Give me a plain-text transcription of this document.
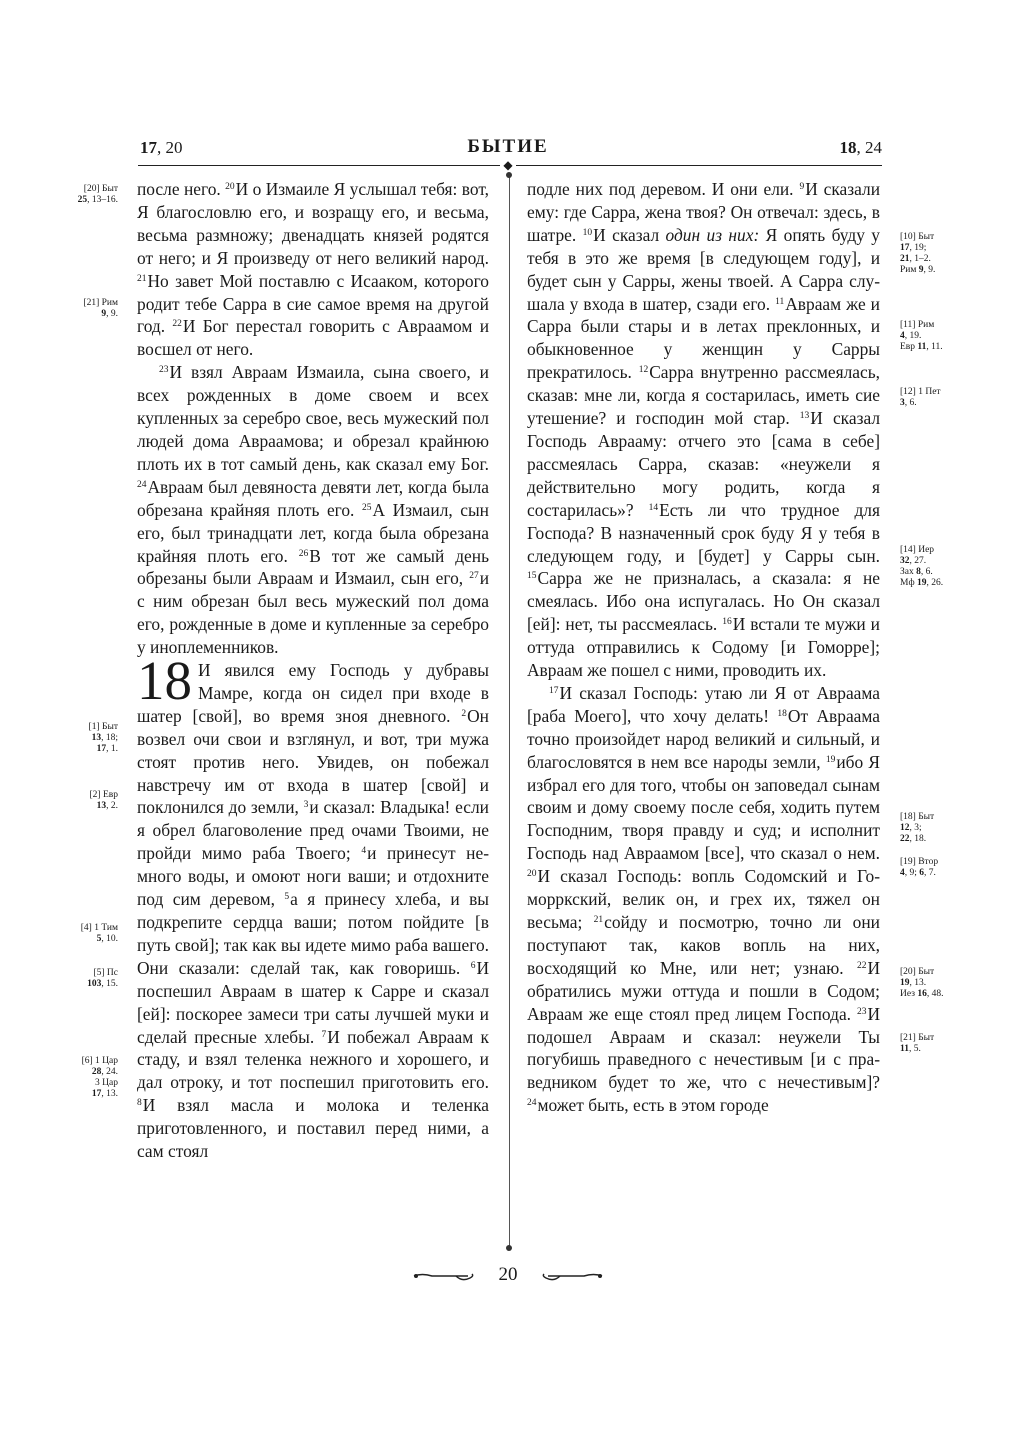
17, 20	БЫТИЕ	18, 24
◆

после него. $^{20}$И о Измаиле Я услышал тебя: вот, Я благословлю его, и возращу его, и весьма, весьма размножу; двенадцать князей родятся от него; и Я произведу от него великий народ. $^{21}$Но завет Мой поставлю с Исааком, которого родит тебе Сарра в сие самое время на другой год. $^{22}$И Бог перестал говорить с Авраамом и восшел от него.

$^{23}$И взял Авраам Измаила, сына своего, и всех рожденных в доме своем и всех купленных за серебро свое, весь мужеский пол людей дома Авраамова; и обрезал крайнюю плоть их в тот самый день, как сказал ему Бог. $^{24}$Авраам был девяноста девяти лет, когда была обрезана крайняя плоть его. $^{25}$А Измаил, сын его, был тринадцати лет, когда была обрезана крайняя плоть его. $^{26}$В тот же самый день обрезаны были Авраам и Измаил, сын его, $^{27}$и с ним обрезан был весь мужеский пол дома его, рожденные в доме и купленные за серебро у иноплеменников.

18 И явился ему Господь у дубравы Мамре, когда он сидел при входе в шатер [свой], во время зноя дневного. $^2$Он возвел очи свои и взглянул, и вот, три мужа стоят против него. Увидев, он побежал навстречу им от входа в шатер [свой] и поклонился до земли, $^3$и сказал: Владыка! если я обрел благоволение пред очами Твоими, не пройди мимо раба Твоего; $^4$и принесут немного воды, и омоют ноги ваши; и отдохните под сим деревом, $^5$а я принесу хлеба, и вы подкрепите сердца ваши; потом пойдите [в путь свой]; так как вы идете мимо раба вашего. Они сказали: сделай так, как говоришь. $^6$И поспешил Авраам в шатер к Сарре и сказал [ей]: поскорее замеси три саты лучшей муки и сделай пресные хлебы. $^7$И побежал Авраам к стаду, и взял теленка нежного и хорошего, и дал отроку, и тот поспешил приготовить его. $^8$И взял масла и молока и теленка приготовленного, и поставил перед ними, а сам стоял

подле них под деревом. И они ели. $^9$И сказали ему: где Сарра, жена твоя? Он отвечал: здесь, в шатре. $^{10}$И сказал один из них: Я опять буду у тебя в это же время [в следующем году], и будет сын у Сарры, жены твоей. А Сарра слушала у входа в шатер, сзади его. $^{11}$Авраам же и Сарра были стары и в летах преклонных, и обыкновенное у женщин у Сарры прекратилось. $^{12}$Сарра внутренно рассмеялась, сказав: мне ли, когда я состарилась, иметь сие утешение? и господин мой стар. $^{13}$И сказал Господь Аврааму: отчего это [сама в себе] рассмеялась Сарра, сказав: «неужели я действительно могу родить, когда я состарилась»? $^{14}$Есть ли что трудное для Господа? В назначенный срок буду Я у тебя в следующем году, и [будет] у Сарры сын. $^{15}$Сарра же не призналась, а сказала: я не смеялась. Ибо она испугалась. Но Он сказал [ей]: нет, ты рассмеялась. $^{16}$И встали те мужи и оттуда отправились к Содому [и Гоморре]; Авраам же пошел с ними, проводить их.

$^{17}$И сказал Господь: утаю ли Я от Авраама [раба Моего], что хочу делать! $^{18}$От Авраама точно произойдет народ великий и сильный, и благословятся в нем все народы земли, $^{19}$ибо Я избрал его для того, чтобы он заповедал сынам своим и дому своему после себя, ходить путем Господним, творя правду и суд; и исполнит Господь над Авраамом [все], что сказал о нем. $^{20}$И сказал Господь: вопль Содомский и Гоморркский, велик он, и грех их, тяжел он весьма; $^{21}$сойду и посмотрю, точно ли они поступают так, каков вопль на них, восходящий ко Мне, или нет; узнаю. $^{22}$И обратились мужи оттуда и пошли в Содом; Авраам же еще стоял пред лицем Господа. $^{23}$И подошел Авраам и сказал: неужели Ты погубишь праведного с нечестивым [и с праведником будет то же, что с нечестивым]? $^{24}$может быть, есть в этом городе

[20] Быт
25, 13–16.
[21] Рим
9, 9.
[1] Быт
13, 18;
17, 1.
[2] Евр
13, 2.
[4] 1 Тим
5, 10.
[5] Пс
103, 15.
[6] 1 Цар
28, 24.
3 Цар
17, 13.
[10] Быт
17, 19;
21, 1–2.
Рим 9, 9.
[11] Рим
4, 19.
Евр 11, 11.
[12] 1 Пет
3, 6.
[14] Иер
32, 27.
Зах 8, 6.
Мф 19, 26.
[18] Быт
12, 3;
22, 18.
[19] Втор
4, 9; 6, 7.
[20] Быт
19, 13.
Иез 16, 48.
[21] Быт
11, 5.
20
